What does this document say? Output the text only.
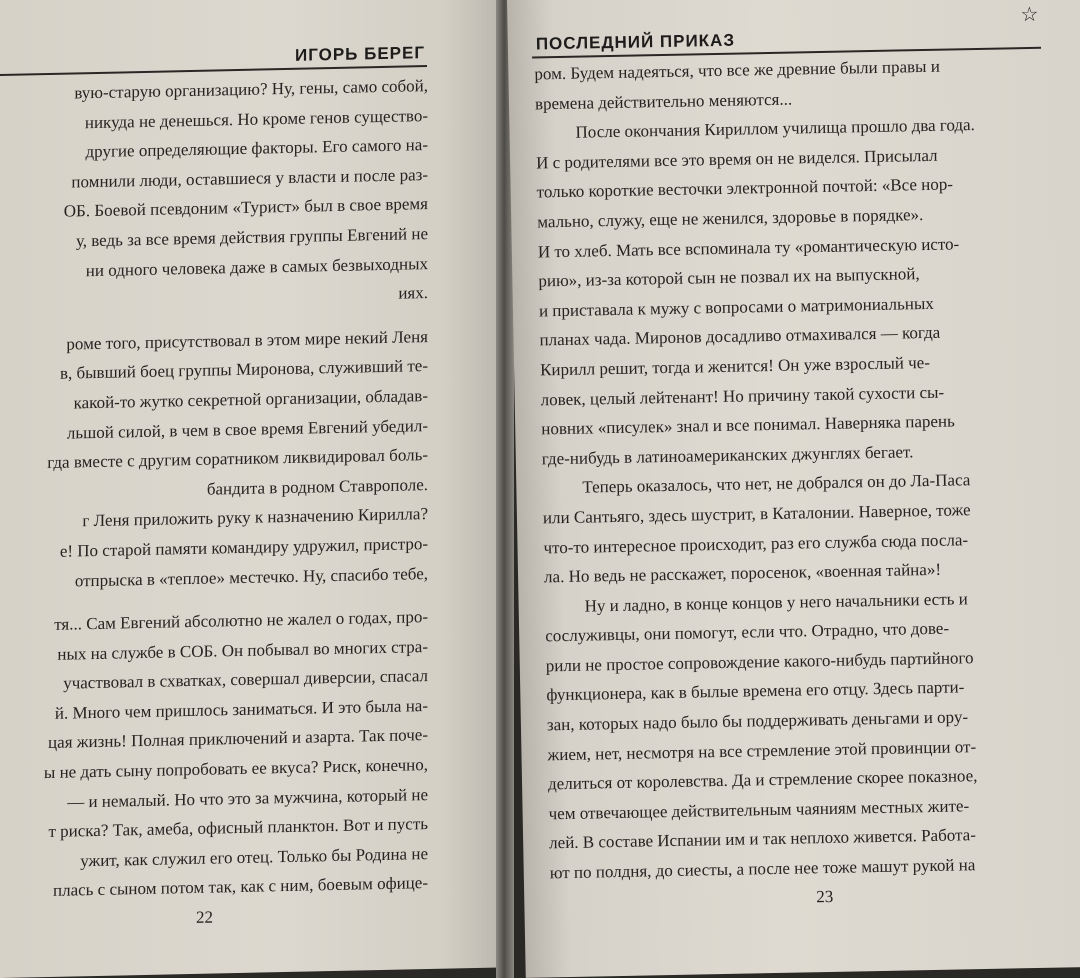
ИГОРЬ БЕРЕГ
вую-старую организацию? Ну, гены, само собой,
никуда не денешься. Но кроме генов существо-
другие определяющие факторы. Его самого на-
помнили люди, оставшиеся у власти и после раз-
ОБ. Боевой псевдоним «Турист» был в свое время
у, ведь за все время действия группы Евгений не
ни одного человека даже в самых безвыходных
иях.
роме того, присутствовал в этом мире некий Леня
в, бывший боец группы Миронова, служивший те-
какой-то жутко секретной организации, обладав-
льшой силой, в чем в свое время Евгений убедил-
гда вместе с другим соратником ликвидировал боль-
бандита в родном Ставрополе.
г Леня приложить руку к назначению Кирилла?
е! По старой памяти командиру удружил, пристро-
отпрыска в «теплое» местечко. Ну, спасибо тебе,
тя... Сам Евгений абсолютно не жалел о годах, про-
ных на службе в СОБ. Он побывал во многих стра-
участвовал в схватках, совершал диверсии, спасал
й. Много чем пришлось заниматься. И это была на-
цая жизнь! Полная приключений и азарта. Так поче-
ы не дать сыну попробовать ее вкуса? Риск, конечно,
— и немалый. Но что это за мужчина, который не
т риска? Так, амеба, офисный планктон. Вот и пусть
ужит, как служил его отец. Только бы Родина не
плась с сыном потом так, как с ним, боевым офице-
22
ПОСЛЕДНИЙ ПРИКАЗ
☆
ром. Будем надеяться, что все же древние были правы и
времена действительно меняются...
После окончания Кириллом училища прошло два года.
И с родителями все это время он не виделся. Присылал
только короткие весточки электронной почтой: «Все нор-
мально, служу, еще не женился, здоровье в порядке».
И то хлеб. Мать все вспоминала ту «романтическую исто-
рию», из-за которой сын не позвал их на выпускной,
и приставала к мужу с вопросами о матримониальных
планах чада. Миронов досадливо отмахивался — когда
Кирилл решит, тогда и женится! Он уже взрослый че-
ловек, целый лейтенант! Но причину такой сухости сы-
новних «писулек» знал и все понимал. Наверняка парень
где-нибудь в латиноамериканских джунглях бегает.
Теперь оказалось, что нет, не добрался он до Ла-Паса
или Сантьяго, здесь шустрит, в Каталонии. Наверное, тоже
что-то интересное происходит, раз его служба сюда посла-
ла. Но ведь не расскажет, поросенок, «военная тайна»!
Ну и ладно, в конце концов у него начальники есть и
сослуживцы, они помогут, если что. Отрадно, что дове-
рили не простое сопровождение какого-нибудь партийного
функционера, как в былые времена его отцу. Здесь парти-
зан, которых надо было бы поддерживать деньгами и ору-
жием, нет, несмотря на все стремление этой провинции от-
делиться от королевства. Да и стремление скорее показное,
чем отвечающее действительным чаяниям местных жите-
лей. В составе Испании им и так неплохо живется. Работа-
ют по полдня, до сиесты, а после нее тоже машут рукой на
23
